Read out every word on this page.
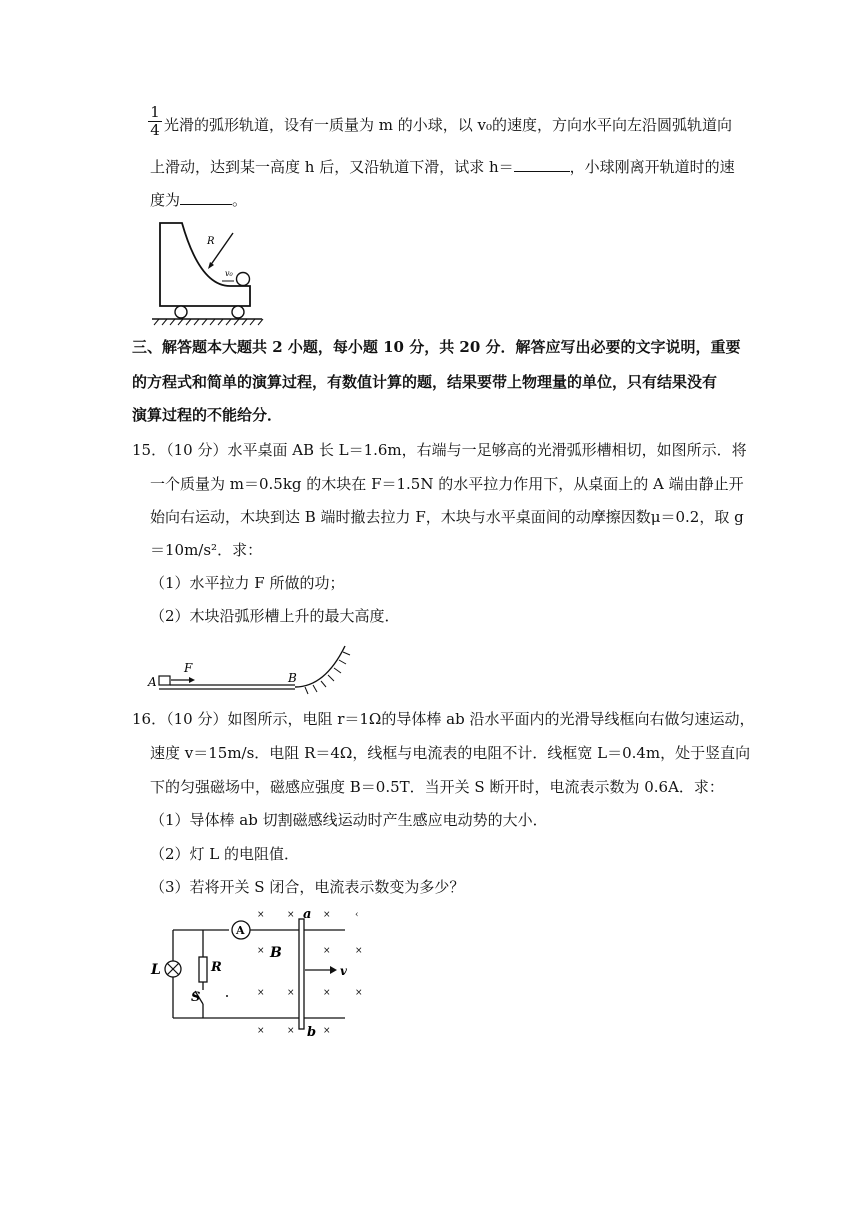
$\frac{1}{4}$ 光滑的弧形轨道，设有一质量为 m 的小球，以 v₀的速度，方向水平向左沿圆弧轨道向
上滑动，达到某一高度 h 后，又沿轨道下滑，试求 h＝	，小球刚离开轨道时的速
度为	。
R
v₀
三、解答题本大题共 2 小题，每小题 10 分，共 20 分．解答应写出必要的文字说明，重要
的方程式和简单的演算过程，有数值计算的题，结果要带上物理量的单位，只有结果没有
演算过程的不能给分．
15．（10 分）水平桌面 AB 长 L＝1.6m，右端与一足够高的光滑弧形槽相切，如图所示．将
一个质量为 m＝0.5kg 的木块在 F＝1.5N 的水平拉力作用下，从桌面上的 A 端由静止开
始向右运动，木块到达 B 端时撤去拉力 F，木块与水平桌面间的动摩擦因数μ＝0.2，取 g
＝10m/s²．求：
（1）水平拉力 F 所做的功；
（2）木块沿弧形槽上升的最大高度．
A
F
B
16．（10 分）如图所示，电阻 r＝1Ω的导体棒 ab 沿水平面内的光滑导线框向右做匀速运动，
速度 v＝15m/s．电阻 R＝4Ω，线框与电流表的电阻不计．线框宽 L＝0.4m，处于竖直向
下的匀强磁场中，磁感应强度 B＝0.5T．当开关 S 断开时，电流表示数为 0.6A．求：
（1）导体棒 ab 切割磁感线运动时产生感应电动势的大小．
（2）灯 L 的电阻值．
（3）若将开关 S 闭合，电流表示数变为多少？
A
L	R
S
a
b
v
B
× ×	×	‹
×	×	×
× ×	×	×
× ×	×
